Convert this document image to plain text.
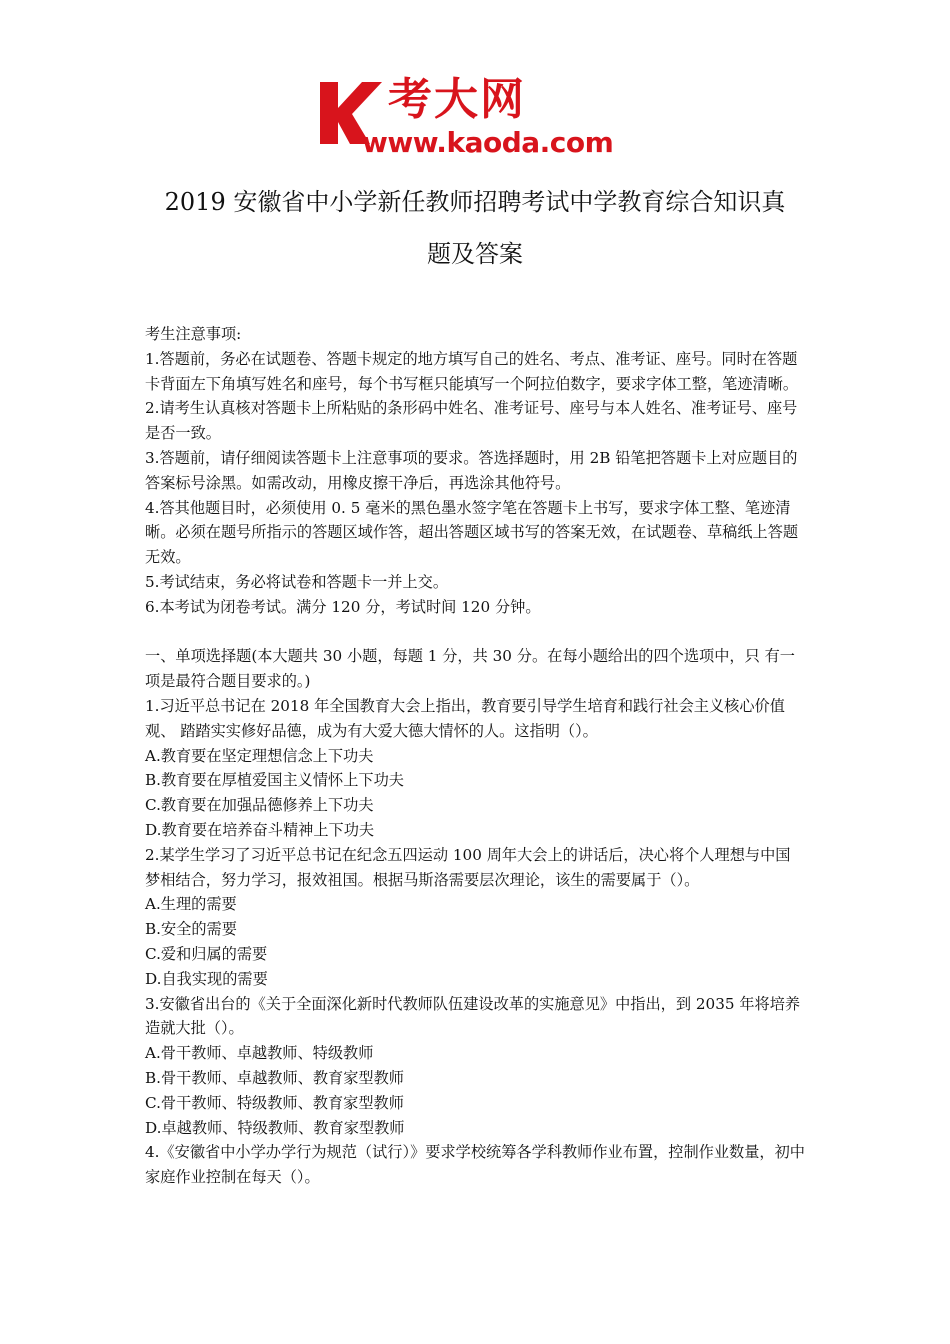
考大网
www.kaoda.com
2019 安徽省中小学新任教师招聘考试中学教育综合知识真
题及答案

考生注意事项:

1.答题前，务必在试题卷、答题卡规定的地方填写自己的姓名、考点、准考证、座号。同时在答题卡背面左下角填写姓名和座号，每个书写框只能填写一个阿拉伯数字，要求字体工整，笔迹清晰。

2.请考生认真核对答题卡上所粘贴的条形码中姓名、准考证号、座号与本人姓名、准考证号、座号是否一致。

3.答题前，请仔细阅读答题卡上注意事项的要求。答选择题时，用 2B 铅笔把答题卡上对应题目的答案标号涂黑。如需改动，用橡皮擦干净后，再选涂其他符号。

4.答其他题目时，必须使用 0. 5 毫米的黑色墨水签字笔在答题卡上书写，要求字体工整、笔迹清晰。必须在题号所指示的答题区域作答，超出答题区域书写的答案无效，在试题卷、草稿纸上答题无效。

5.考试结束，务必将试卷和答题卡一并上交。

6.本考试为闭卷考试。满分 120 分，考试时间 120 分钟。

一、单项选择题(本大题共 30 小题，每题 1 分，共 30 分。在每小题给出的四个选项中，只 有一项是最符合题目要求的。)

1.习近平总书记在 2018 年全国教育大会上指出，教育要引导学生培育和践行社会主义核心价值观、 踏踏实实修好品德，成为有大爱大德大情怀的人。这指明（）。

A.教育要在坚定理想信念上下功夫

B.教育要在厚植爱国主义情怀上下功夫

C.教育要在加强品德修养上下功夫

D.教育要在培养奋斗精神上下功夫

2.某学生学习了习近平总书记在纪念五四运动 100 周年大会上的讲话后，决心将个人理想与中国 梦相结合，努力学习，报效祖国。根据马斯洛需要层次理论，该生的需要属于（）。

A.生理的需要

B.安全的需要

C.爱和归属的需要

D.自我实现的需要

3.安徽省出台的《关于全面深化新时代教师队伍建设改革的实施意见》中指出，到 2035 年将培养 造就大批（）。

A.骨干教师、卓越教师、特级教师

B.骨干教师、卓越教师、教育家型教师

C.骨干教师、特级教师、教育家型教师

D.卓越教师、特级教师、教育家型教师

4.《安徽省中小学办学行为规范（试行）》要求学校统筹各学科教师作业布置，控制作业数量，初中家庭作业控制在每天（）。
